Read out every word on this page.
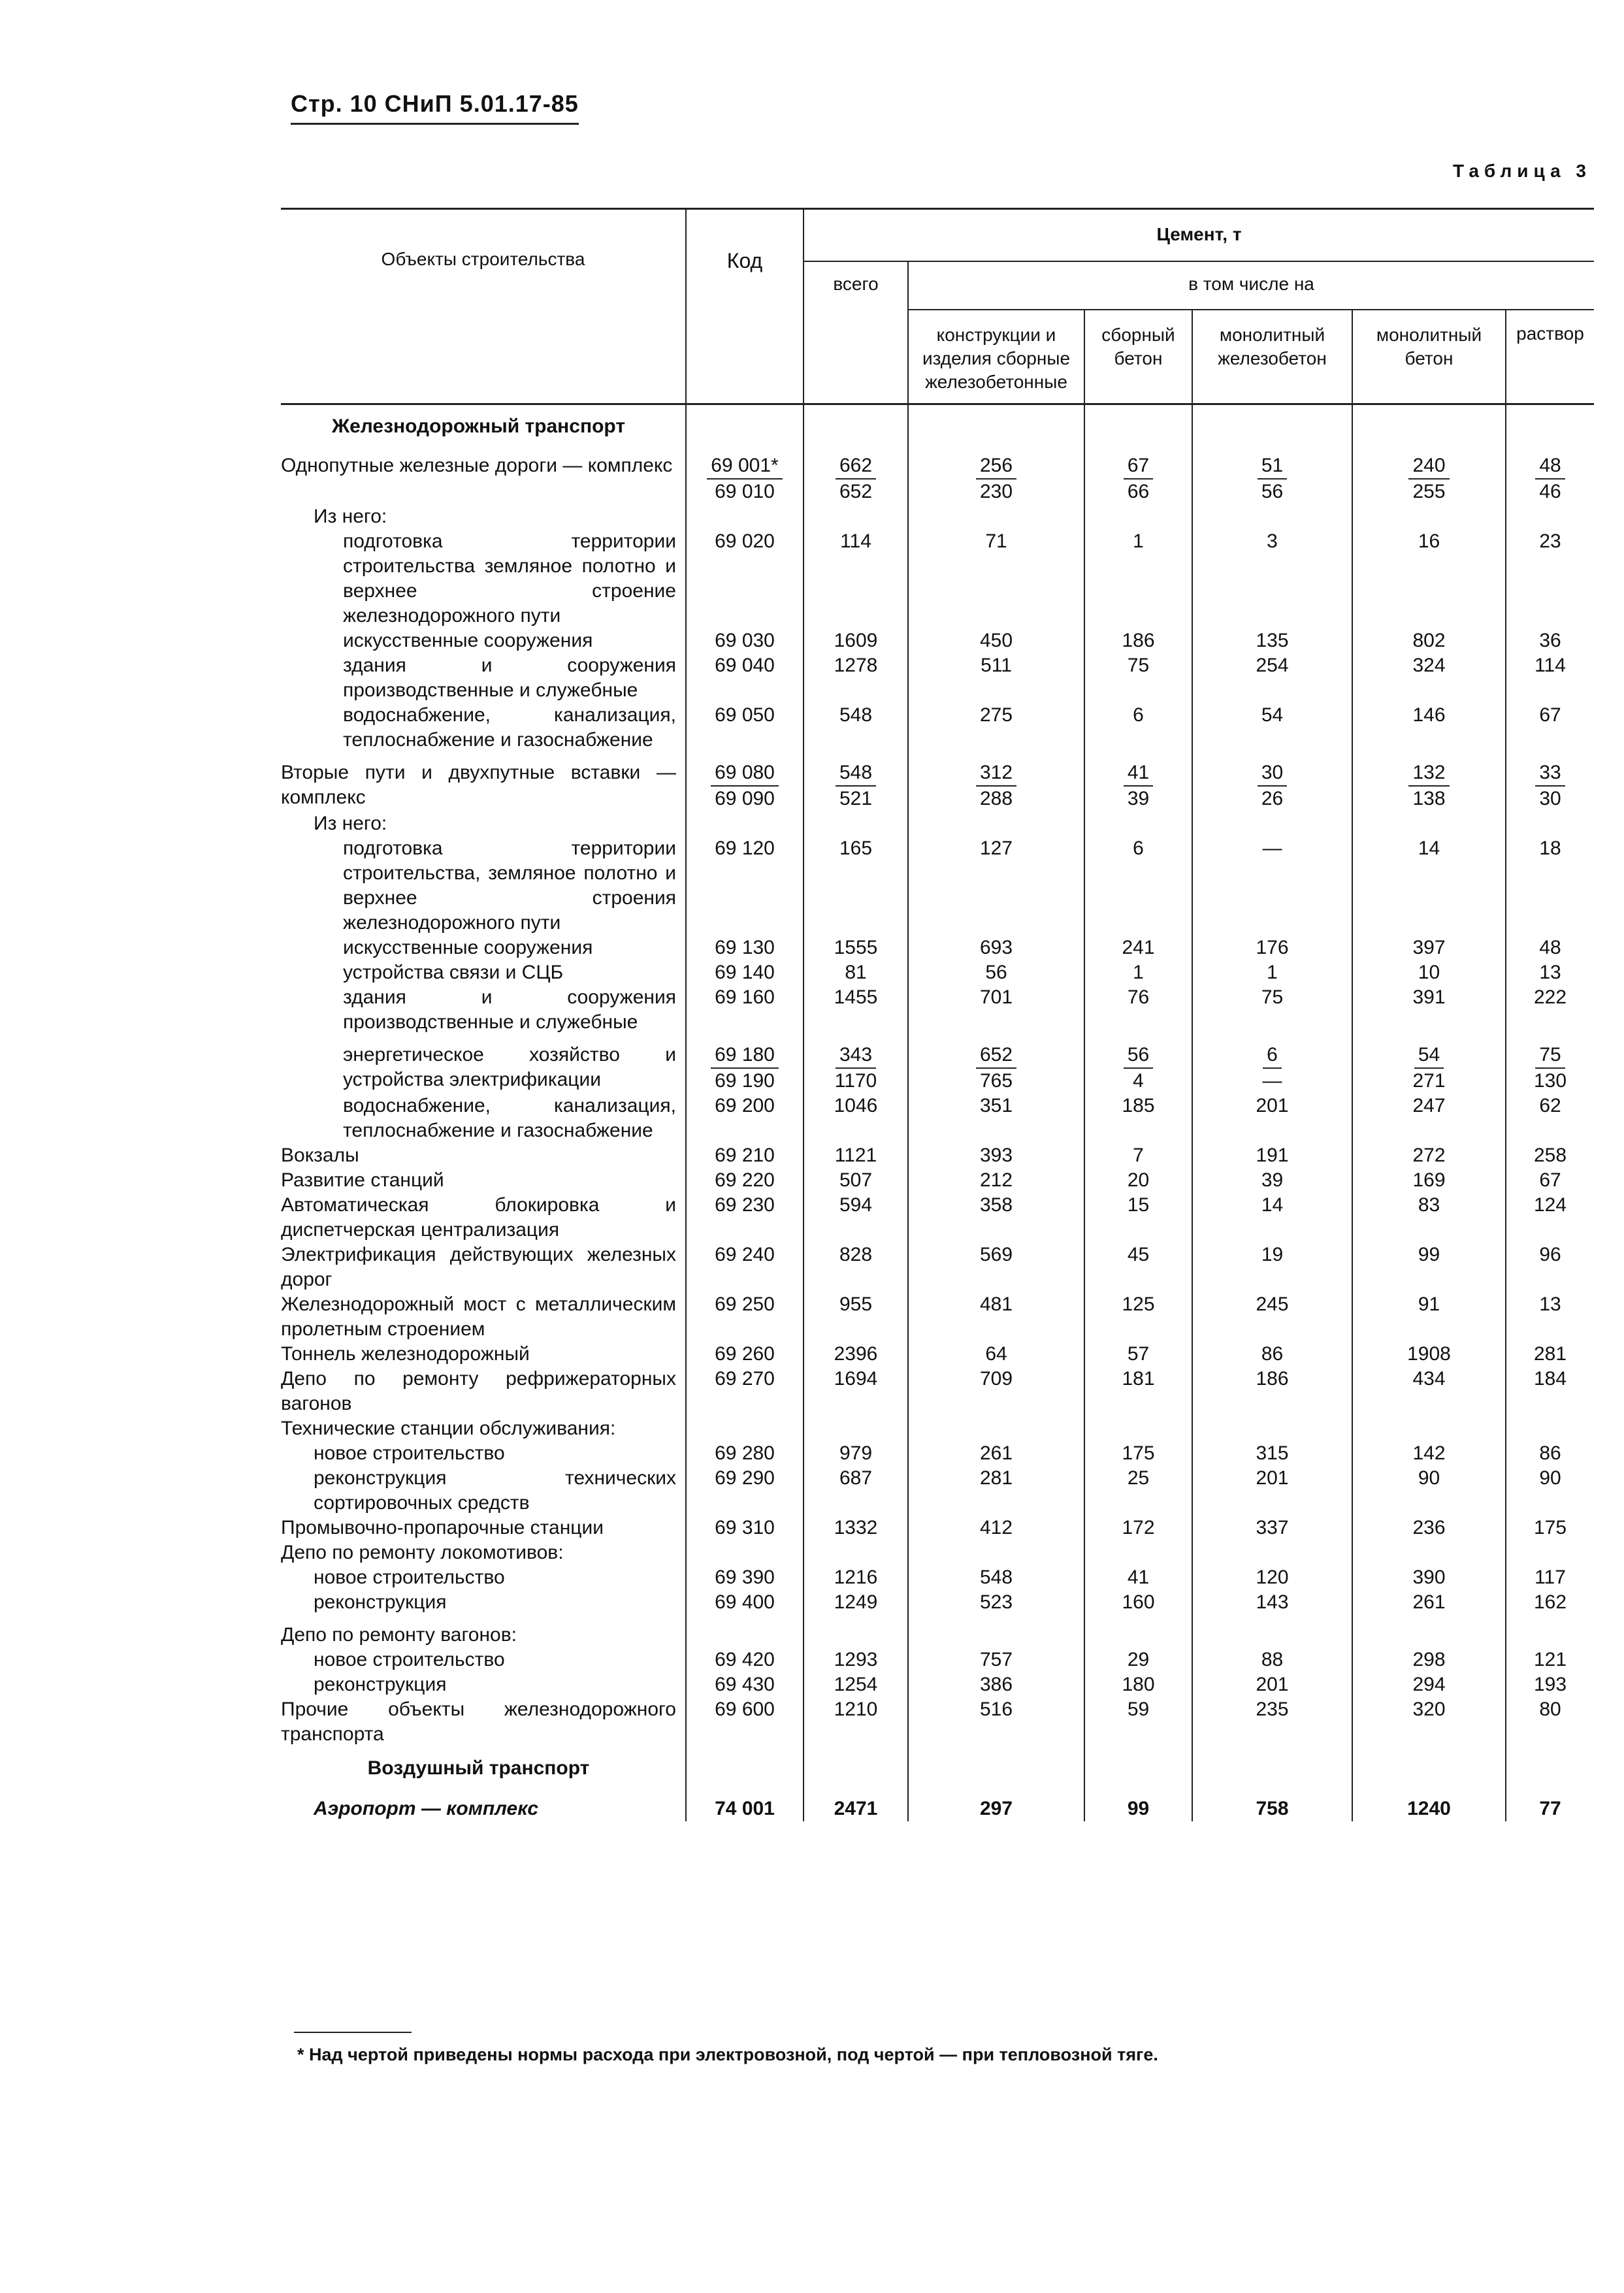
Стр. 10 СНиП 5.01.17-85
Таблица 3
Объекты строительства	Код	Цемент, т					
		всего	в том числе на				
			конструкции и изделия сборные железобетонные	сборный бетон	монолитный железобетон	монолитный бетон	раствор
Железнодорожный транспорт							
Однопутные железные дороги — комплекс	$\frac{69 001*}{69 010}$	$\frac{662}{652}$	$\frac{256}{230}$	$\frac{67}{66}$	$\frac{51}{56}$	$\frac{240}{255}$	$\frac{48}{46}$

Из него:							
подготовка территории строительства земляное полотно и верхнее строение железнодорожного пути	69 020	114	71	1	3	16	23
искусственные сооружения	69 030	1609	450	186	135	802	36
здания и сооружения производственные и служебные	69 040	1278	511	75	254	324	114
водоснабжение, канализация, теплоснабжение и газоснабжение	69 050	548	275	6	54	146	67
Вторые пути и двухпутные вставки — комплекс	$\frac{69 080}{69 090}$	$\frac{548}{521}$	$\frac{312}{288}$	$\frac{41}{39}$	$\frac{30}{26}$	$\frac{132}{138}$	$\frac{33}{30}$

Из него:							
подготовка территории строительства, земляное полотно и верхнее строения железнодорожного пути	69 120	165	127	6	—	14	18
искусственные сооружения	69 130	1555	693	241	176	397	48
устройства связи и СЦБ	69 140	81	56	1	1	10	13
здания и сооружения производственные и служебные	69 160	1455	701	76	75	391	222
энергетическое хозяйство и устройства электрификации	$\frac{69 180}{69 190}$	$\frac{343}{1170}$	$\frac{652}{765}$	$\frac{56}{4}$	$\frac{6}{—}$	$\frac{54}{271}$	$\frac{75}{130}$

водоснабжение, канализация, теплоснабжение и газоснабжение	69 200	1046	351	185	201	247	62
Вокзалы	69 210	1121	393	7	191	272	258
Развитие станций	69 220	507	212	20	39	169	67
Автоматическая блокировка и диспетчерская централизация	69 230	594	358	15	14	83	124
Электрификация действующих железных дорог	69 240	828	569	45	19	99	96
Железнодорожный мост с металлическим пролетным строением	69 250	955	481	125	245	91	13
Тоннель железнодорожный	69 260	2396	64	57	86	1908	281
Депо по ремонту рефрижераторных вагонов	69 270	1694	709	181	186	434	184
Технические станции обслуживания:							
новое строительство	69 280	979	261	175	315	142	86
реконструкция технических сортировочных средств	69 290	687	281	25	201	90	90
Промывочно-пропарочные станции	69 310	1332	412	172	337	236	175
Депо по ремонту локомотивов:							
новое строительство	69 390	1216	548	41	120	390	117
реконструкция	69 400	1249	523	160	143	261	162
Депо по ремонту вагонов:							
новое строительство	69 420	1293	757	29	88	298	121
реконструкция	69 430	1254	386	180	201	294	193
Прочие объекты железнодорожного транспорта	69 600	1210	516	59	235	320	80
Воздушный транспорт							
Аэропорт — комплекс	74 001	2471	297	99	758	1240	77
* Над чертой приведены нормы расхода при электровозной, под чертой — при тепловозной тяге.
